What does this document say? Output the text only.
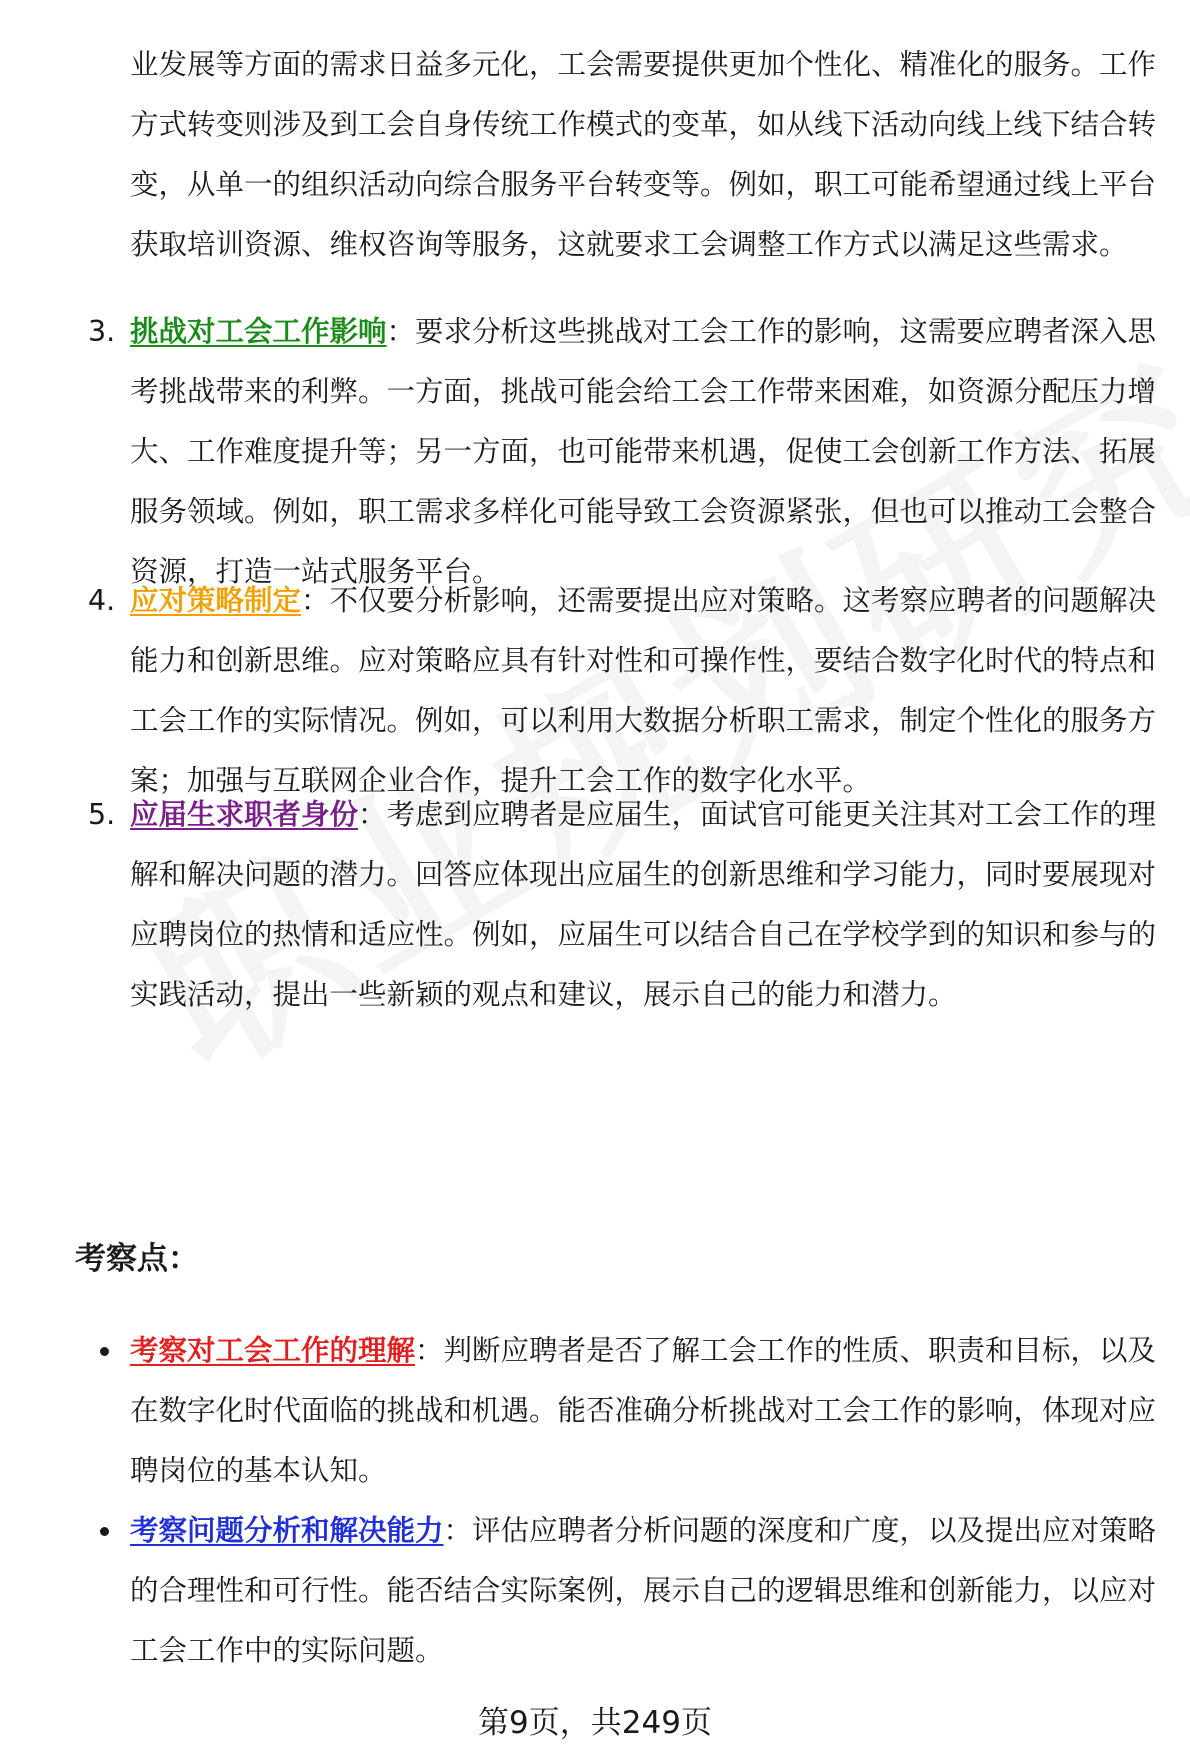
业发展等方面的需求日益多元化，工会需要提供更加个性化、精准化的服务。工作方式转变则涉及到工会自身传统工作模式的变革，如从线下活动向线上线下结合转变，从单一的组织活动向综合服务平台转变等。例如，职工可能希望通过线上平台获取培训资源、维权咨询等服务，这就要求工会调整工作方式以满足这些需求。
3. 挑战对工会工作影响：要求分析这些挑战对工会工作的影响，这需要应聘者深入思考挑战带来的利弊。一方面，挑战可能会给工会工作带来困难，如资源分配压力增大、工作难度提升等；另一方面，也可能带来机遇，促使工会创新工作方法、拓展服务领域。例如，职工需求多样化可能导致工会资源紧张，但也可以推动工会整合资源，打造一站式服务平台。
4. 应对策略制定：不仅要分析影响，还需要提出应对策略。这考察应聘者的问题解决能力和创新思维。应对策略应具有针对性和可操作性，要结合数字化时代的特点和工会工作的实际情况。例如，可以利用大数据分析职工需求，制定个性化的服务方案；加强与互联网企业合作，提升工会工作的数字化水平。
5. 应届生求职者身份：考虑到应聘者是应届生，面试官可能更关注其对工会工作的理解和解决问题的潜力。回答应体现出应届生的创新思维和学习能力，同时要展现对应聘岗位的热情和适应性。例如，应届生可以结合自己在学校学到的知识和参与的实践活动，提出一些新颖的观点和建议，展示自己的能力和潜力。
考察点：
考察对工会工作的理解：判断应聘者是否了解工会工作的性质、职责和目标，以及在数字化时代面临的挑战和机遇。能否准确分析挑战对工会工作的影响，体现对应聘岗位的基本认知。
考察问题分析和解决能力：评估应聘者分析问题的深度和广度，以及提出应对策略的合理性和可行性。能否结合实际案例，展示自己的逻辑思维和创新能力，以应对工会工作中的实际问题。
第9页，共249页
